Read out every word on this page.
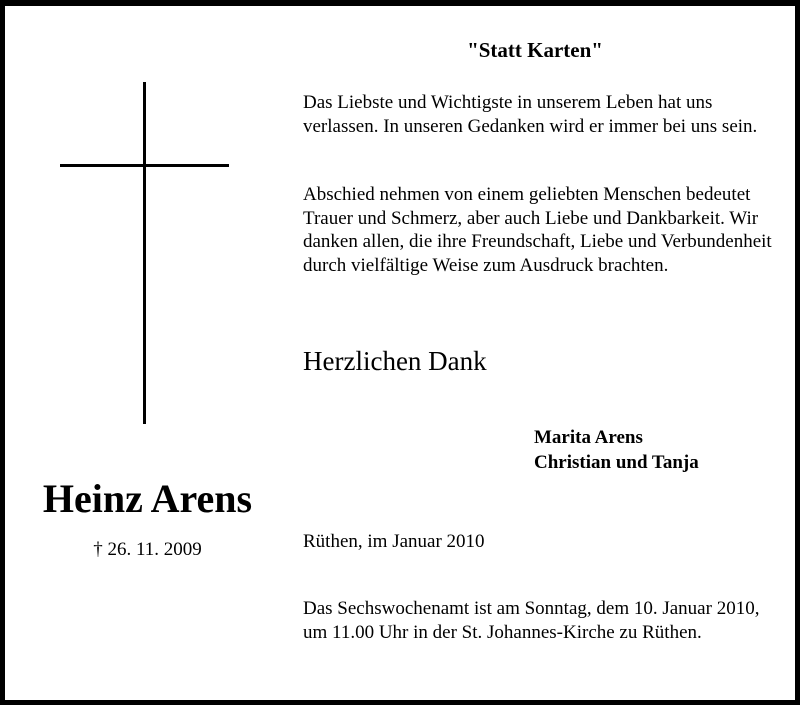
Heinz Arens
† 26. 11. 2009
"Statt Karten"

Das Liebste und Wichtigste in unserem Leben hat uns verlassen. In unseren Gedanken wird er immer bei uns sein.

Abschied nehmen von einem geliebten Menschen bedeutet Trauer und Schmerz, aber auch Liebe und Dankbarkeit. Wir danken allen, die ihre Freundschaft, Liebe und Verbundenheit durch vielfältige Weise zum Ausdruck brachten.

Herzlichen Dank
Marita Arens
Christian und Tanja
Rüthen, im Januar 2010

Das Sechswochenamt ist am Sonntag, dem 10. Januar 2010, um 11.00 Uhr in der St. Johannes-Kirche zu Rüthen.
